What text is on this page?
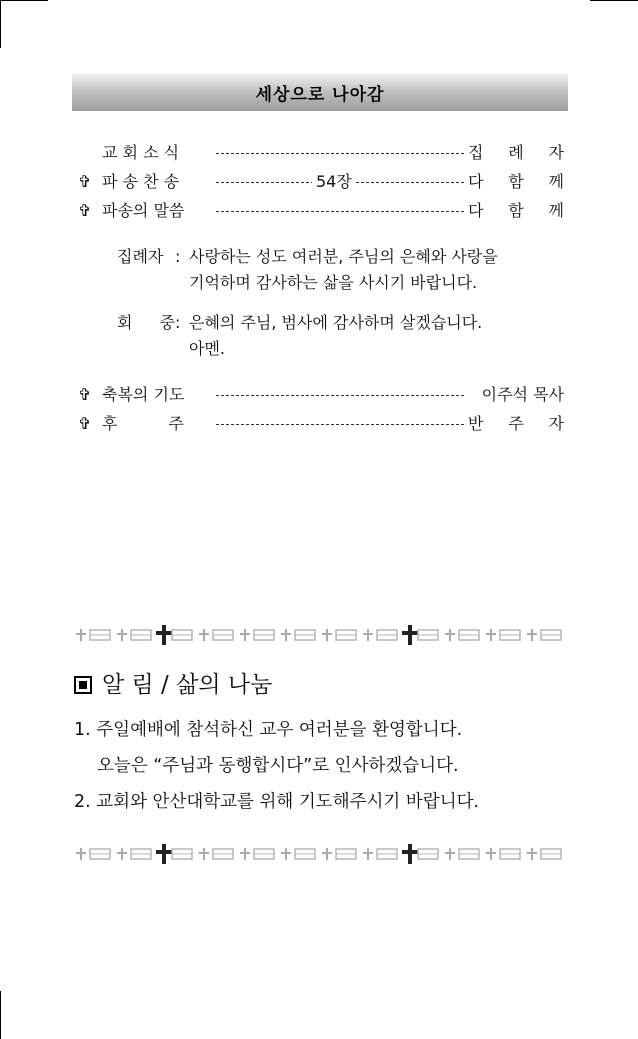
세상으로 나아감
교 회 소 식	집 례 자
✞ 파 송 찬 송	54장	다 함 께
✞ 파송의 말씀	다 함 께
집례자 : 사랑하는 성도 여러분, 주님의 은혜와 사랑을
기억하며 감사하는 삶을 사시기 바랍니다.
회 중 : 은혜의 주님, 범사에 감사하며 살겠습니다.
아멘.
✞ 축복의 기도	이주석 목사
✞ 후          주	반 주 자
알 림 / 삶의 나눔
1. 주일예배에 참석하신 교우 여러분을 환영합니다.
오늘은 “주님과 동행합시다”로 인사하겠습니다.
2. 교회와 안산대학교를 위해 기도해주시기 바랍니다.
